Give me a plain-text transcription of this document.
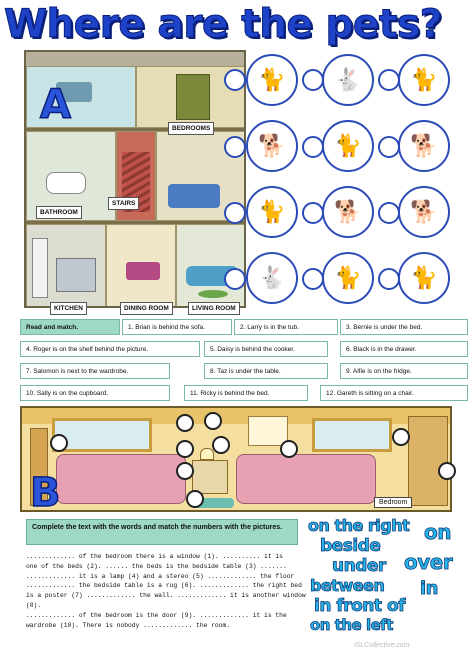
Where are the pets?
A
BEDROOMS
BATHROOM
STAIRS
KITCHEN	DINING ROOM	LIVING ROOM
🐈 🐇 🐈
🐕 🐈 🐕
🐈 🐕 🐕
🐇 🐈 🐈
Read and match.	1. Brian is behind the sofa.	2. Larry is in the tub.	3. Bernie is under the bed.
4. Roger is on the shelf behind the picture.	5. Daisy is behind the cooker.	6. Black is in the drawer.
7. Salomon is next to the wardrobe.	8. Taz is under the table.	9. Alfie is on the fridge.
10. Sally is on the cupboard.	11. Ricky is behind the bed.	12. Gareth is sitting on a chair.
B	Bedroom
Complete the text with the words and match the numbers with the pictures.
............. of the bedroom there is a window (1). .......... it is
one of the beds (2). ...... the beds is the bedside table (3) .......
............. it is a lamp (4) and a stereo (5) ............. the floor
............. the bedside table is a rug (6). ............. the right bed
is a poster (7) ............. the wall. ............. it is another window
(8).
............. of the bedroom is the door (9). ............. it is the
wardrobe (10). There is nobody ............. the room.
on the right on
beside
under over
between in
in front of
on the left
iSLCollective.com
